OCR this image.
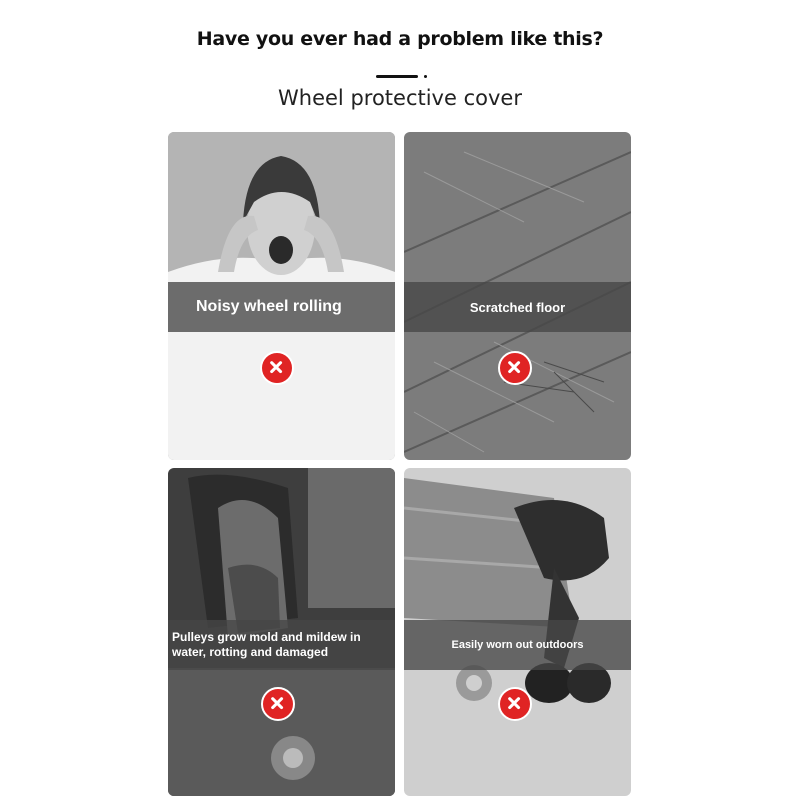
Have you ever had a problem like this?
Wheel protective cover
Noisy wheel rolling	Scratched floor
Pulleys grow mold and mildew in
water, rotting and damaged	Easily worn out outdoors
